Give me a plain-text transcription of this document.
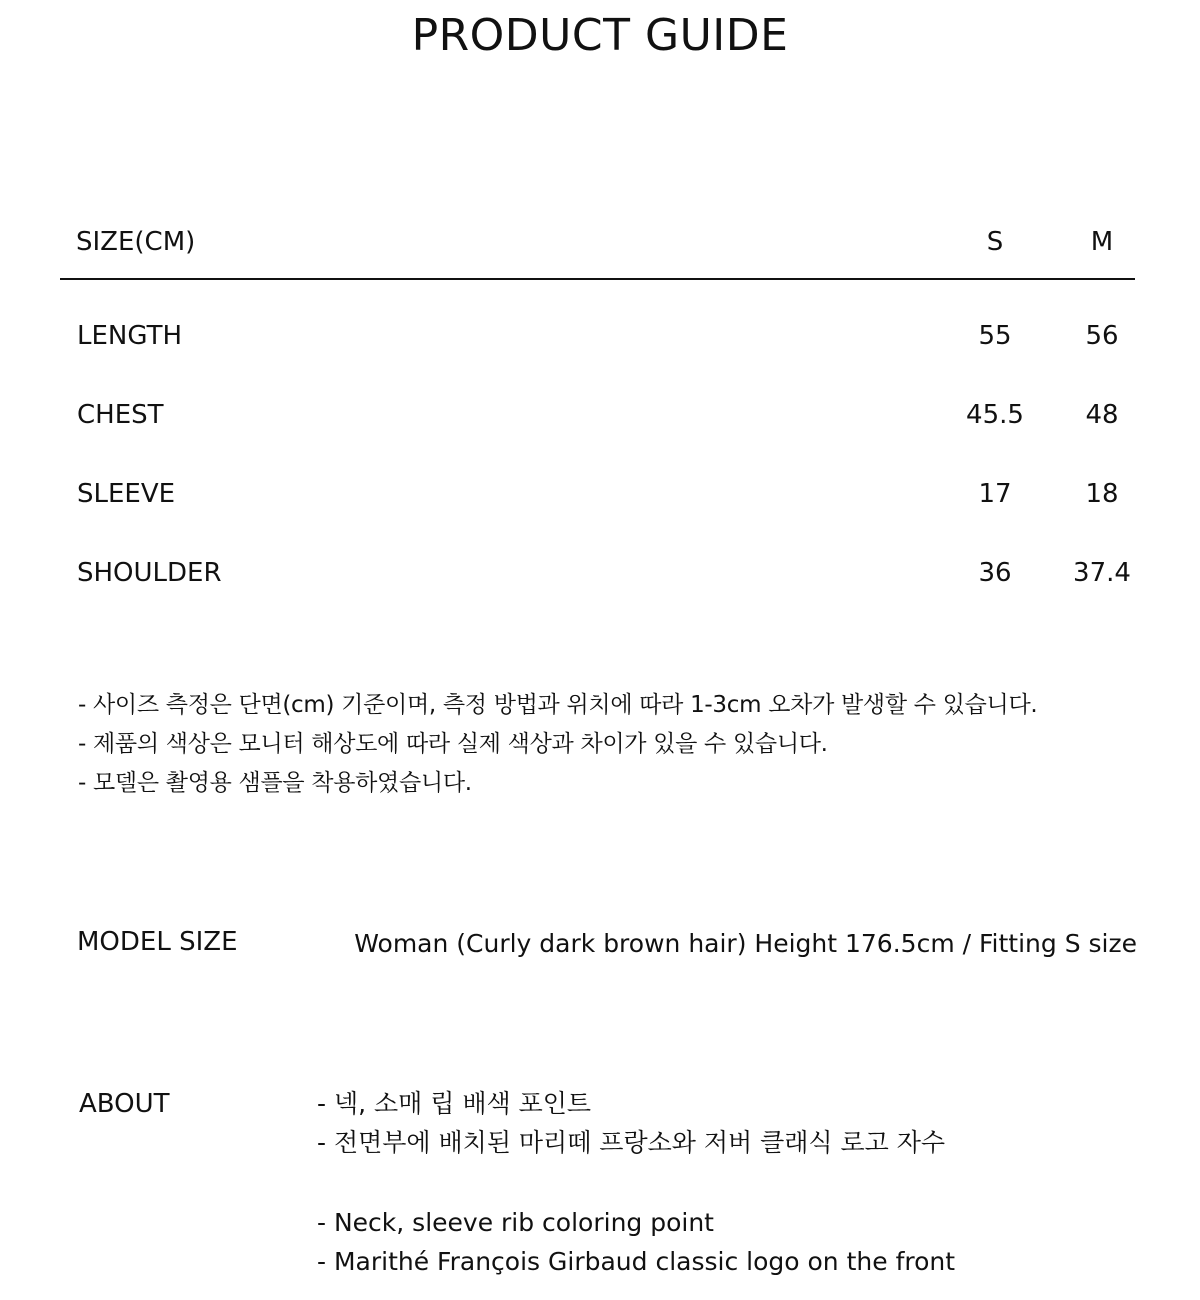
PRODUCT GUIDE
SIZE(CM)	S	M
LENGTH	55	56
CHEST	45.5	48
SLEEVE	17	18
SHOULDER	36	37.4
- 사이즈 측정은 단면(cm) 기준이며, 측정 방법과 위치에 따라 1-3cm 오차가 발생할 수 있습니다.
- 제품의 색상은 모니터 해상도에 따라 실제 색상과 차이가 있을 수 있습니다.
- 모델은 촬영용 샘플을 착용하였습니다.
MODEL SIZE	Woman (Curly dark brown hair) Height 176.5cm / Fitting S size
ABOUT	- 넥, 소매 립 배색 포인트
- 전면부에 배치된 마리떼 프랑소와 저버 클래식 로고 자수
- Neck, sleeve rib coloring point
- Marithé François Girbaud classic logo on the front
